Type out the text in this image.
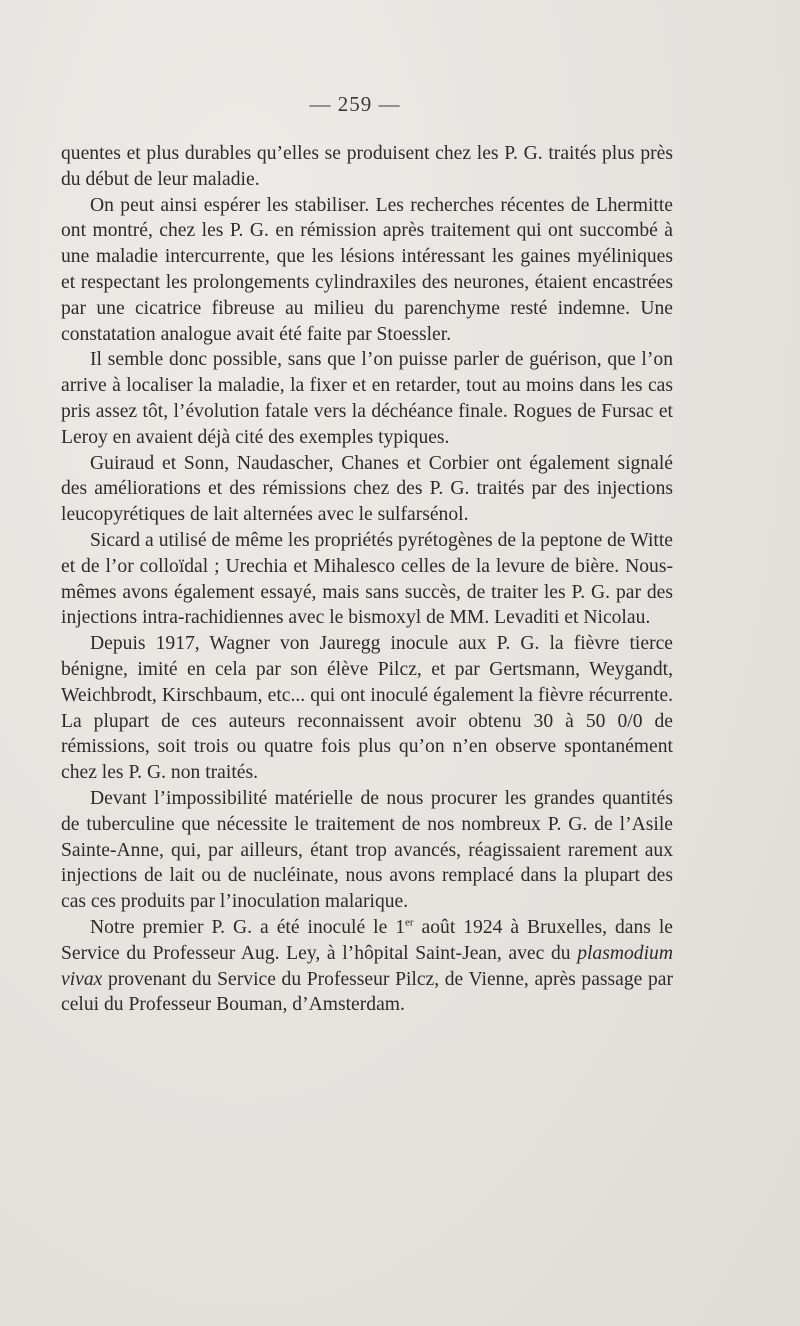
— 259 —

quentes et plus durables qu’elles se produisent chez les P. G. traités plus près du début de leur maladie.

On peut ainsi espérer les stabiliser. Les recherches récentes de Lhermitte ont montré, chez les P. G. en rémission après traitement qui ont succombé à une maladie intercurrente, que les lésions intéressant les gaines myéliniques et respectant les prolongements cylindraxiles des neurones, étaient encastrées par une cicatrice fibreuse au milieu du parenchyme resté indemne. Une constatation analogue avait été faite par Stoessler.

Il semble donc possible, sans que l’on puisse parler de guérison, que l’on arrive à localiser la maladie, la fixer et en retarder, tout au moins dans les cas pris assez tôt, l’évolution fatale vers la déchéance finale. Rogues de Fursac et Leroy en avaient déjà cité des exemples typiques.

Guiraud et Sonn, Naudascher, Chanes et Corbier ont également signalé des améliorations et des rémissions chez des P. G. traités par des injections leucopyrétiques de lait alternées avec le sulfarsénol.

Sicard a utilisé de même les propriétés pyrétogènes de la peptone de Witte et de l’or colloïdal ; Urechia et Mihalesco celles de la levure de bière. Nous-mêmes avons également essayé, mais sans succès, de traiter les P. G. par des injections intra-rachidiennes avec le bismoxyl de MM. Levaditi et Nicolau.

Depuis 1917, Wagner von Jauregg inocule aux P. G. la fièvre tierce bénigne, imité en cela par son élève Pilcz, et par Gertsmann, Weygandt, Weichbrodt, Kirschbaum, etc... qui ont inoculé également la fièvre récurrente. La plupart de ces auteurs reconnaissent avoir obtenu 30 à 50 0/0 de rémissions, soit trois ou quatre fois plus qu’on n’en observe spontanément chez les P. G. non traités.

Devant l’impossibilité matérielle de nous procurer les grandes quantités de tuberculine que nécessite le traitement de nos nombreux P. G. de l’Asile Sainte-Anne, qui, par ailleurs, étant trop avancés, réagissaient rarement aux injections de lait ou de nucléinate, nous avons remplacé dans la plupart des cas ces produits par l’inoculation malarique.

Notre premier P. G. a été inoculé le 1er août 1924 à Bruxelles, dans le Service du Professeur Aug. Ley, à l’hôpital Saint-Jean, avec du plasmodium vivax provenant du Service du Professeur Pilcz, de Vienne, après passage par celui du Professeur Bouman, d’Amsterdam.
